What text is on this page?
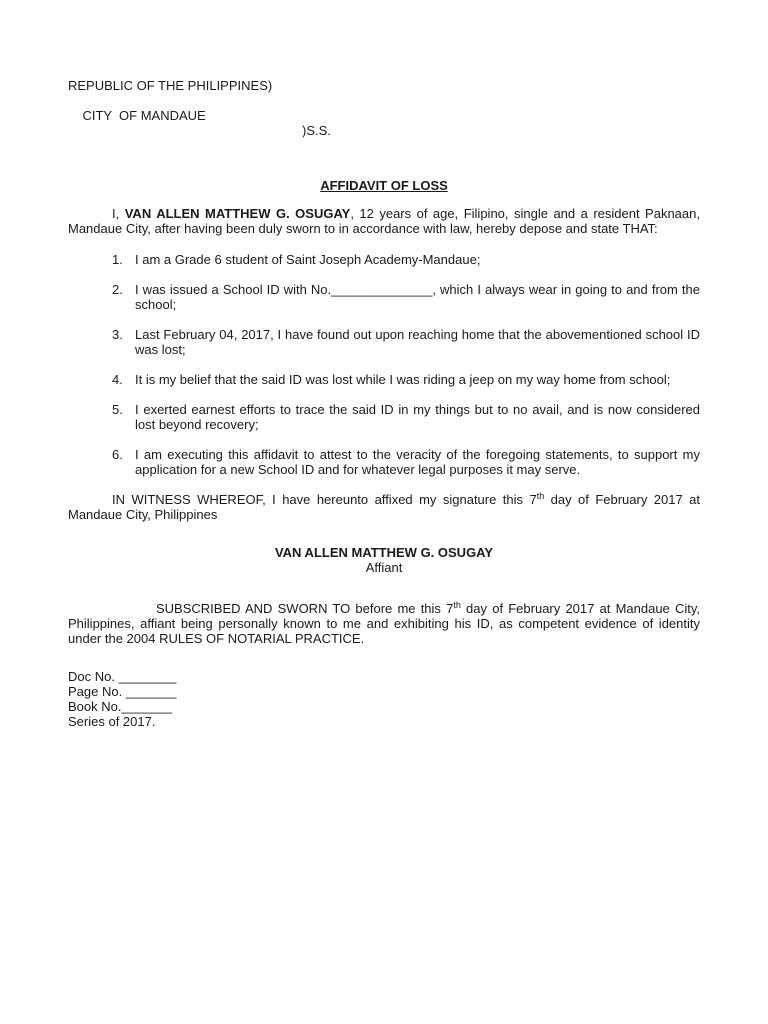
REPUBLIC OF THE PHILIPPINES)

CITY  OF MANDAUE

)S.S.

AFFIDAVIT OF LOSS
I, VAN ALLEN MATTHEW G. OSUGAY, 12 years of age, Filipino, single and a resident Paknaan, Mandaue City, after having been duly sworn to in accordance with law, hereby depose and state THAT:
1. I am a Grade 6 student of Saint Joseph Academy-Mandaue;
2. I was issued a School ID with No.______________, which I always wear in going to and from the school;
3. Last February 04, 2017, I have found out upon reaching home that the abovementioned school ID was lost;
4. It is my belief that the said ID was lost while I was riding a jeep on my way home from school;
5. I exerted earnest efforts to trace the said ID in my things but to no avail, and is now considered lost beyond recovery;
6. I am executing this affidavit to attest to the veracity of the foregoing statements, to support my application for a new School ID and for whatever legal purposes it may serve.
IN WITNESS WHEREOF, I have hereunto affixed my signature this 7th day of February 2017 at Mandaue City, Philippines
VAN ALLEN MATTHEW G. OSUGAY
Affiant
SUBSCRIBED AND SWORN TO before me this 7th day of February 2017 at Mandaue City, Philippines, affiant being personally known to me and exhibiting his ID, as competent evidence of identity under the 2004 RULES OF NOTARIAL PRACTICE.
Doc No. ________
Page No. _______
Book No._______
Series of 2017.
